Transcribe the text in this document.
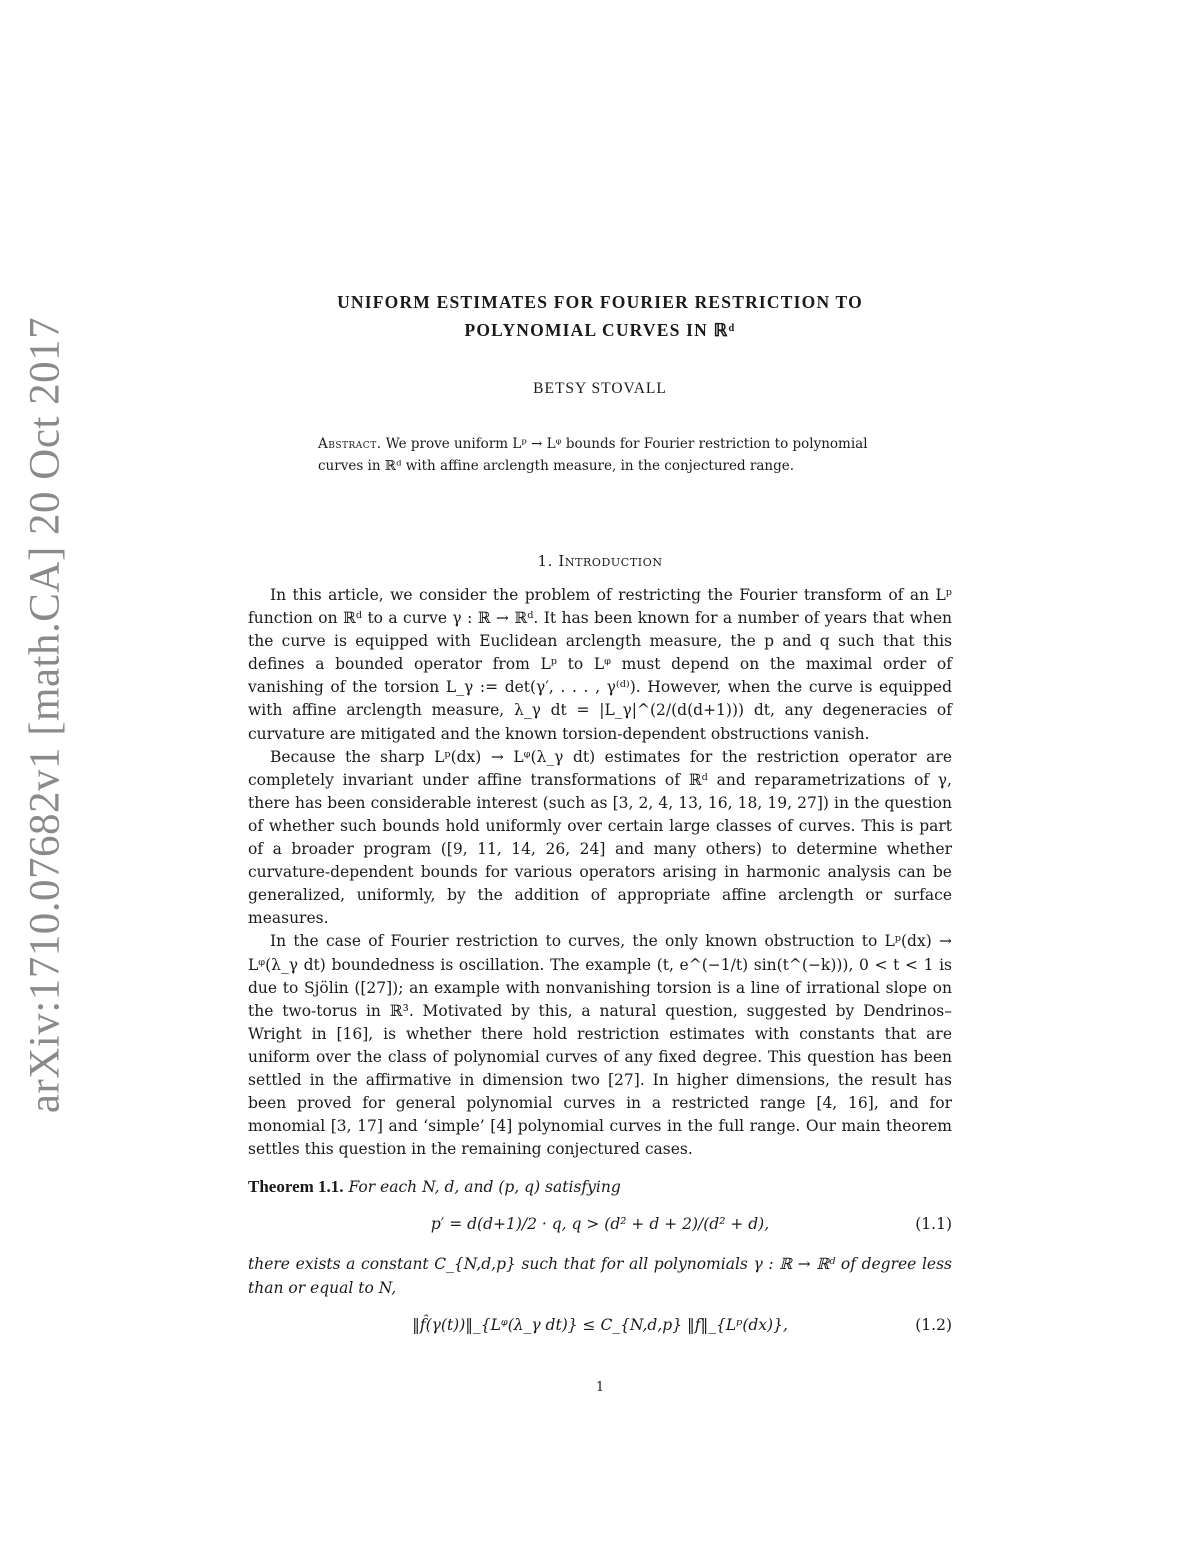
arXiv:1710.07682v1 [math.CA] 20 Oct 2017
UNIFORM ESTIMATES FOR FOURIER RESTRICTION TO
POLYNOMIAL CURVES IN ℝᵈ
BETSY STOVALL
Abstract. We prove uniform Lᵖ → Lᵠ bounds for Fourier restriction to polynomial curves in ℝᵈ with affine arclength measure, in the conjectured range.
1. Introduction

In this article, we consider the problem of restricting the Fourier transform of an Lᵖ function on ℝᵈ to a curve γ : ℝ → ℝᵈ. It has been known for a number of years that when the curve is equipped with Euclidean arclength measure, the p and q such that this defines a bounded operator from Lᵖ to Lᵠ must depend on the maximal order of vanishing of the torsion L_γ := det(γ′, . . . , γ⁽ᵈ⁾). However, when the curve is equipped with affine arclength measure, λ_γ dt = |L_γ|^(2/(d(d+1))) dt, any degeneracies of curvature are mitigated and the known torsion-dependent obstructions vanish.

Because the sharp Lᵖ(dx) → Lᵠ(λ_γ dt) estimates for the restriction operator are completely invariant under affine transformations of ℝᵈ and reparametrizations of γ, there has been considerable interest (such as [3, 2, 4, 13, 16, 18, 19, 27]) in the question of whether such bounds hold uniformly over certain large classes of curves. This is part of a broader program ([9, 11, 14, 26, 24] and many others) to determine whether curvature-dependent bounds for various operators arising in harmonic analysis can be generalized, uniformly, by the addition of appropriate affine arclength or surface measures.

In the case of Fourier restriction to curves, the only known obstruction to Lᵖ(dx) → Lᵠ(λ_γ dt) boundedness is oscillation. The example (t, e^(−1/t) sin(t^(−k))), 0 < t < 1 is due to Sjölin ([27]); an example with nonvanishing torsion is a line of irrational slope on the two-torus in ℝ³. Motivated by this, a natural question, suggested by Dendrinos–Wright in [16], is whether there hold restriction estimates with constants that are uniform over the class of polynomial curves of any fixed degree. This question has been settled in the affirmative in dimension two [27]. In higher dimensions, the result has been proved for general polynomial curves in a restricted range [4, 16], and for monomial [3, 17] and ‘simple’ [4] polynomial curves in the full range. Our main theorem settles this question in the remaining conjectured cases.

Theorem 1.1. For each N, d, and (p, q) satisfying
p′ = d(d+1)/2 · q, q > (d² + d + 2)/(d² + d),	(1.1)
there exists a constant C_{N,d,p} such that for all polynomials γ : ℝ → ℝᵈ of degree less than or equal to N,
‖f̂(γ(t))‖_{Lᵠ(λ_γ dt)} ≤ C_{N,d,p} ‖f‖_{Lᵖ(dx)},	(1.2)
1
